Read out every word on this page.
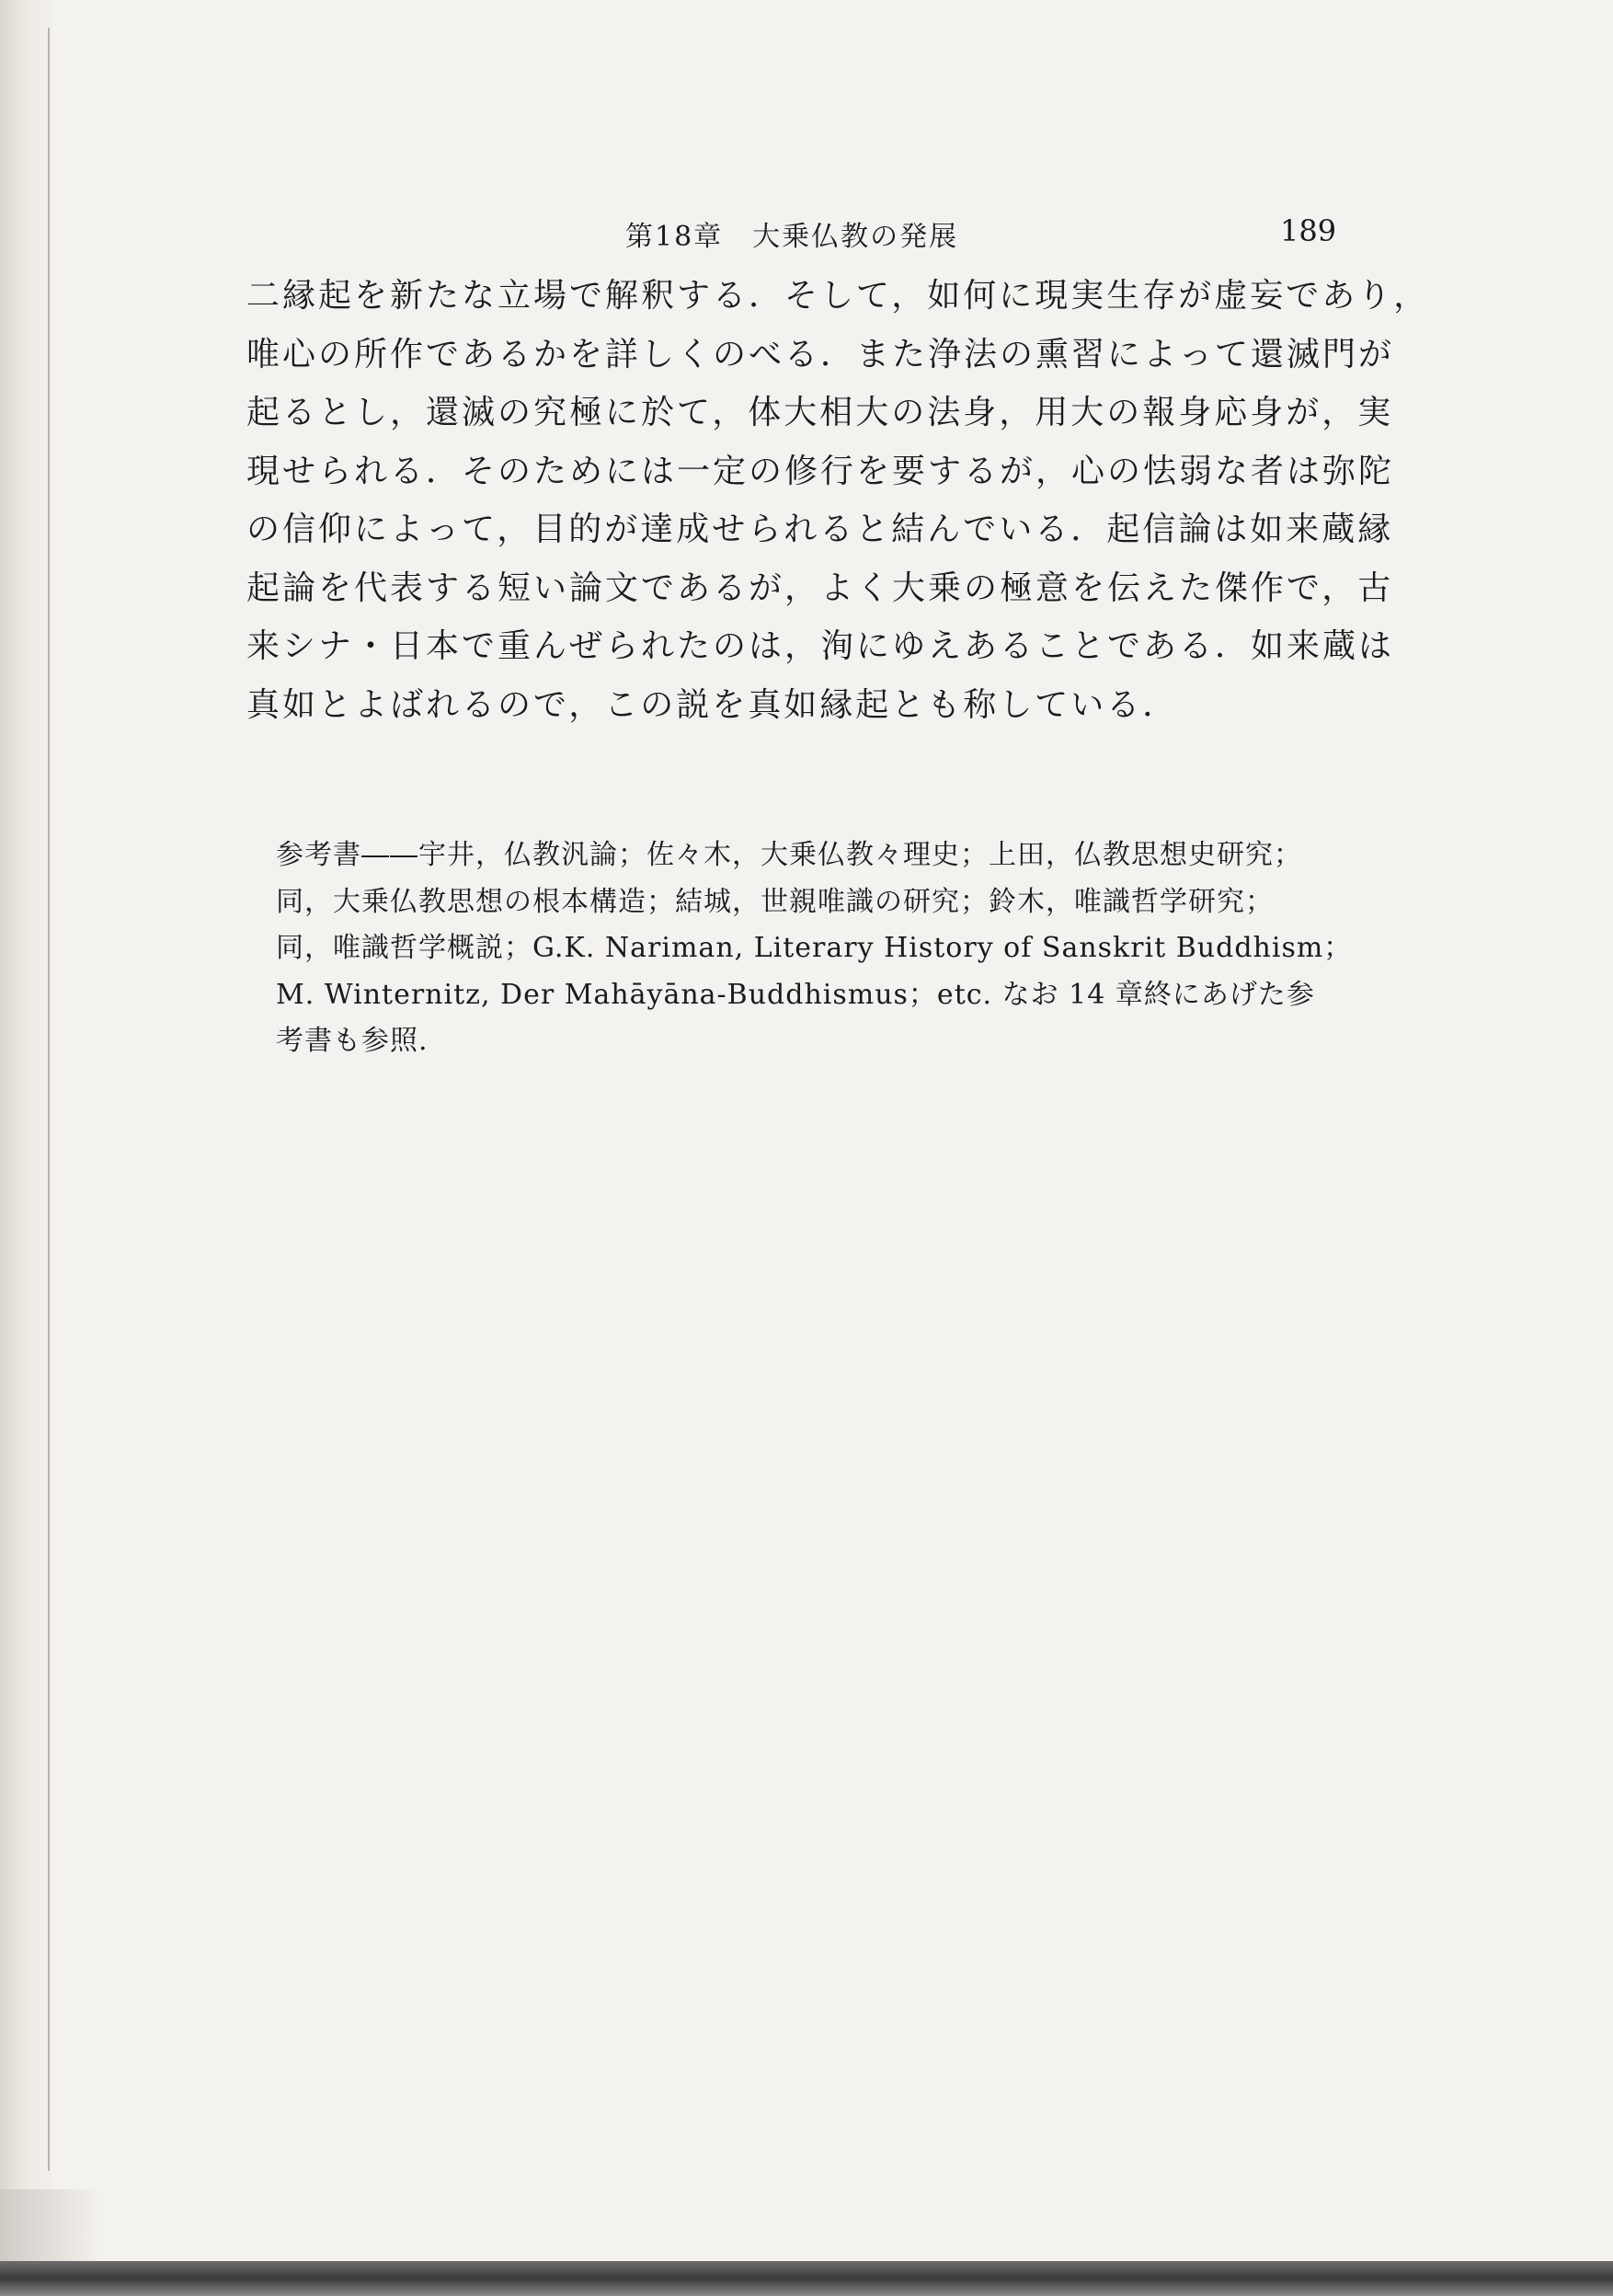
第18章　大乗仏教の発展	189

二縁起を新たな立場で解釈する．そして，如何に現実生存が虚妄であり，
唯心の所作であるかを詳しくのべる．また浄法の熏習によって還滅門が
起るとし，還滅の究極に於て，体大相大の法身，用大の報身応身が，実
現せられる．そのためには一定の修行を要するが，心の怯弱な者は弥陀
の信仰によって，目的が達成せられると結んでいる．起信論は如来蔵縁
起論を代表する短い論文であるが，よく大乗の極意を伝えた傑作で，古
来シナ・日本で重んぜられたのは，洵にゆえあることである．如来蔵は
真如とよばれるので，この説を真如縁起とも称している．

参考書――宇井，仏教汎論；佐々木，大乗仏教々理史；上田，仏教思想史研究；
同，大乗仏教思想の根本構造；結城，世親唯識の研究；鈴木，唯識哲学研究；
同，唯識哲学概説；G.K. Nariman, Literary History of Sanskrit Buddhism；
M. Winternitz, Der Mahāyāna-Buddhismus；etc. なお 14 章終にあげた参
考書も参照.
